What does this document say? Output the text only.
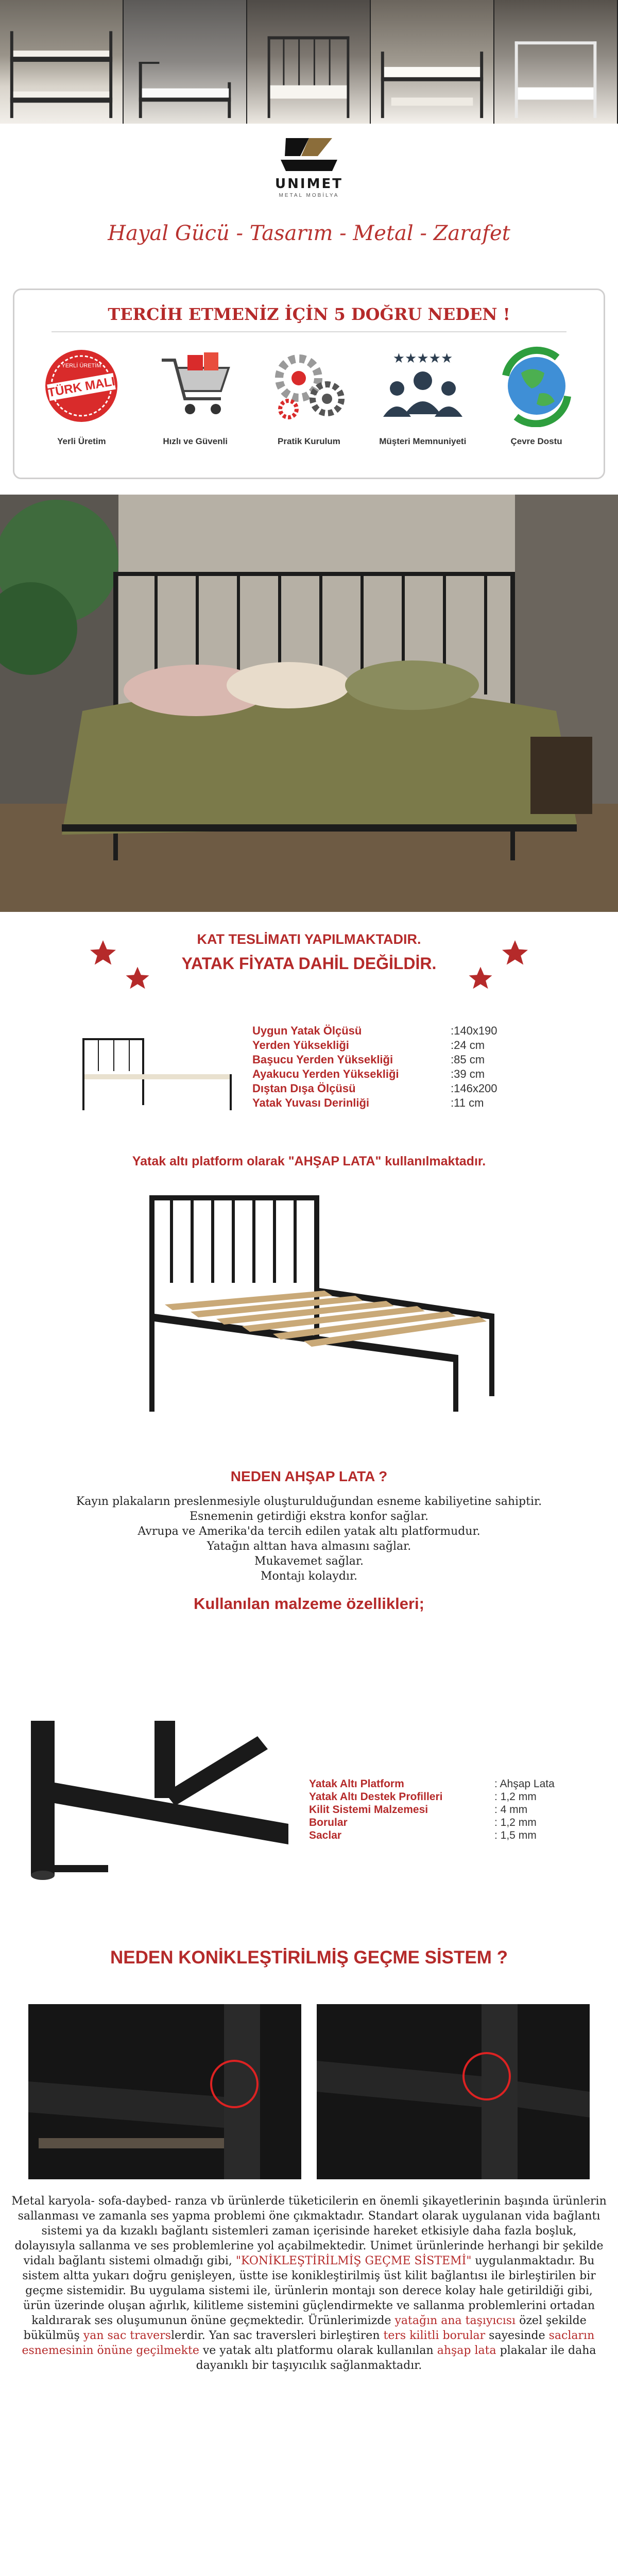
UNIMET
METAL MOBİLYA
Hayal Gücü - Tasarım - Metal - Zarafet
TERCİH ETMENİZ İÇİN 5 DOĞRU NEDEN !
TÜRK MALI
YERLİ ÜRETİM
Yerli Üretim	Hızlı ve Güvenli	Pratik Kurulum
★★★★★
Müşteri Memnuniyeti	Çevre Dostu
KAT TESLİMATI YAPILMAKTADIR.
YATAK FİYATA DAHİL DEĞİLDİR.
Uygun Yatak Ölçüsü	:140x190
Yerden Yüksekliği	:24 cm
Başucu Yerden Yüksekliği	:85 cm
Ayakucu Yerden Yüksekliği	:39 cm
Dıştan Dışa Ölçüsü	:146x200
Yatak Yuvası Derinliği	:11 cm
Yatak altı platform olarak "AHŞAP LATA" kullanılmaktadır.
NEDEN AHŞAP LATA ?
Kayın plakaların preslenmesiyle oluşturulduğundan esneme kabiliyetine sahiptir.
Esnemenin getirdiği ekstra konfor sağlar.
Avrupa ve Amerika'da tercih edilen yatak altı platformudur.
Yatağın alttan hava almasını sağlar.
Mukavemet sağlar.
Montajı kolaydır.
Kullanılan malzeme özellikleri;
Yatak Altı Platform	: Ahşap Lata
Yatak Altı Destek Profilleri	: 1,2 mm
Kilit Sistemi Malzemesi	: 4 mm
Borular	: 1,2 mm
Saclar	: 1,5 mm
NEDEN KONİKLEŞTİRİLMİŞ GEÇME SİSTEM ?
Metal karyola- sofa-daybed- ranza vb ürünlerde tüketicilerin en önemli şikayetlerinin başında ürünlerin sallanması ve zamanla ses yapma problemi öne çıkmaktadır. Standart olarak uygulanan vida bağlantı sistemi ya da kızaklı bağlantı sistemleri zaman içerisinde hareket etkisiyle daha fazla boşluk, dolayısıyla sallanma ve ses problemlerine yol açabilmektedir. Unimet ürünlerinde herhangi bir şekilde vidalı bağlantı sistemi olmadığı gibi, "KONİKLEŞTİRİLMİŞ GEÇME SİSTEMİ" uygulanmaktadır. Bu sistem altta yukarı doğru genişleyen, üstte ise konikleştirilmiş üst kilit bağlantısı ile birleştirilen bir geçme sistemidir. Bu uygulama sistemi ile, ürünlerin montajı son derece kolay hale getirildiği gibi, ürün üzerinde oluşan ağırlık, kilitleme sistemini güçlendirmekte ve sallanma problemlerini ortadan kaldırarak ses oluşumunun önüne geçmektedir. Ürünlerimizde yatağın ana taşıyıcısı özel şekilde bükülmüş yan sac traverslerdir. Yan sac traversleri birleştiren ters kilitli borular sayesinde sacların esnemesinin önüne geçilmekte ve yatak altı platformu olarak kullanılan ahşap lata plakalar ile daha dayanıklı bir taşıyıcılık sağlanmaktadır.
